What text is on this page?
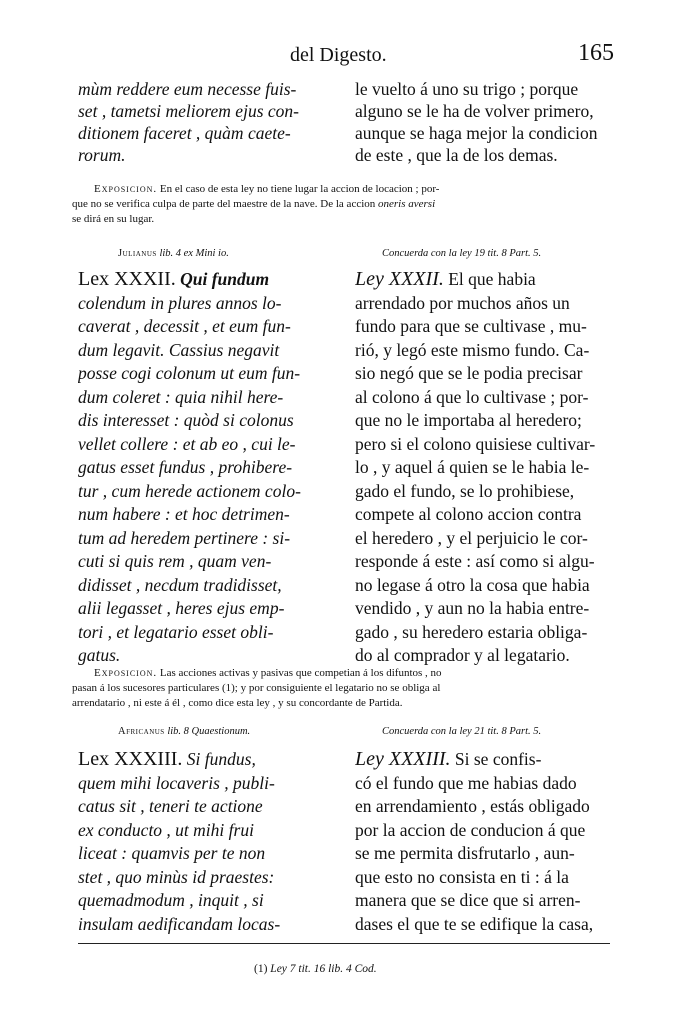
del Digesto.	165
mùm reddere eum necesse fuis-
set , tametsi meliorem ejus con-
ditionem faceret , quàm caete-
rorum.
le vuelto á uno su trigo ; porque
alguno se le ha de volver primero,
aunque se haga mejor la condicion
de este , que la de los demas.
Exposicion. En el caso de esta ley no tiene lugar la accion de locacion ; por-
que no se verifica culpa de parte del maestre de la nave. De la accion oneris aversi
se dirá en su lugar.
Julianus lib. 4 ex Mini io.	Concuerda con la ley 19 tit. 8 Part. 5.
Lex XXXII. Qui fundum
colendum in plures annos lo-
caverat , decessit , et eum fun-
dum legavit. Cassius negavit
posse cogi colonum ut eum fun-
dum coleret : quia nihil here-
dis interesset : quòd si colonus
vellet collere : et ab eo , cui le-
gatus esset fundus , prohibere-
tur , cum herede actionem colo-
num habere : et hoc detrimen-
tum ad heredem pertinere : si-
cuti si quis rem , quam ven-
didisset , necdum tradidisset,
alii legasset , heres ejus emp-
tori , et legatario esset obli-
gatus.
Ley XXXII. El que habia
arrendado por muchos años un
fundo para que se cultivase , mu-
rió, y legó este mismo fundo. Ca-
sio negó que se le podia precisar
al colono á que lo cultivase ; por-
que no le importaba al heredero;
pero si el colono quisiese cultivar-
lo , y aquel á quien se le habia le-
gado el fundo, se lo prohibiese,
compete al colono accion contra
el heredero , y el perjuicio le cor-
responde á este : así como si algu-
no legase á otro la cosa que habia
vendido , y aun no la habia entre-
gado , su heredero estaria obliga-
do al comprador y al legatario.
Exposicion. Las acciones activas y pasivas que competian á los difuntos , no
pasan á los sucesores particulares (1); y por consiguiente el legatario no se obliga al
arrendatario , ni este á él , como dice esta ley , y su concordante de Partida.
Africanus lib. 8 Quaestionum.	Concuerda con la ley 21 tit. 8 Part. 5.
Lex XXXIII. Si fundus,
quem mihi locaveris , publi-
catus sit , teneri te actione
ex conducto , ut mihi frui
liceat : quamvis per te non
stet , quo minùs id praestes:
quemadmodum , inquit , si
insulam aedificandam locas-
Ley XXXIII. Si se confis-
có el fundo que me habias dado
en arrendamiento , estás obligado
por la accion de conducion á que
se me permita disfrutarlo , aun-
que esto no consista en ti : á la
manera que se dice que si arren-
dases el que te se edifique la casa,
(1) Ley 7 tit. 16 lib. 4 Cod.
